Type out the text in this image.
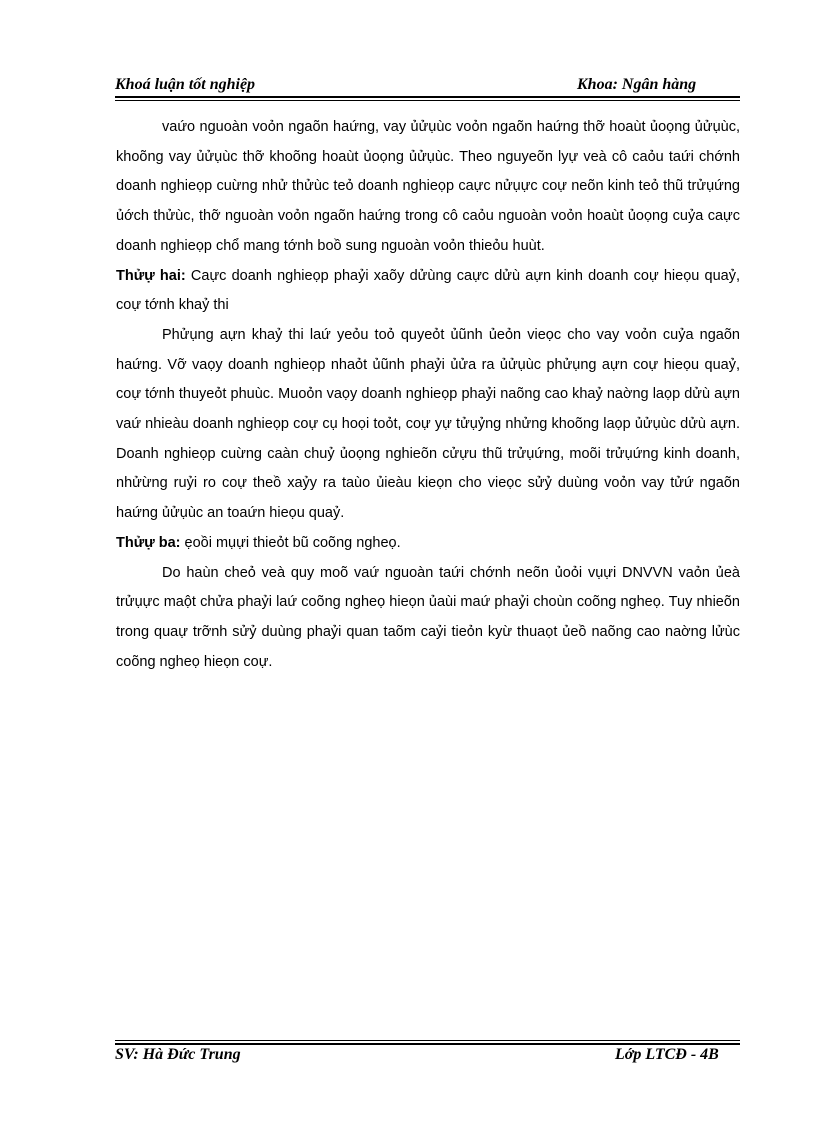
Khoá luận tốt nghiệp	Khoa: Ngân hàng

vaứo nguoàn voỏn ngaõn haứng, vay ủửụùc voỏn ngaõn haứng thỡ hoaùt ủoọng ủửụùc, khoõng vay ủửụùc thỡ khoõng hoaùt ủoọng ủửụùc. Theo nguyeõn lyự veà cô caỏu taứi chớnh doanh nghieọp cuừng nhử thửùc teỏ doanh nghieọp caực nửụực coự neõn kinh teỏ thũ trửụứng ủớch thửùc, thỡ nguoàn voỏn ngaõn haứng trong cô caỏu nguoàn voỏn hoaùt ủoọng cuỷa caực doanh nghieọp chổ mang tớnh boồ sung nguoàn voỏn thieỏu huùt.

Thửự hai: Caực doanh nghieọp phaỷi xaõy dửùng caực dửù aựn kinh doanh coự hieọu quaỷ, coự tớnh khaỷ thi

Phửụng aựn khaỷ thi laứ yeỏu toỏ quyeỏt ủũnh ủeỏn vieọc cho vay voỏn cuỷa ngaõn haứng. Vỡ vaọy doanh nghieọp nhaỏt ủũnh phaỷi ủửa ra ủửụùc phửụng aựn coự hieọu quaỷ, coự tớnh thuyeỏt phuùc. Muoỏn vaọy doanh nghieọp phaỷi naõng cao khaỷ naờng laọp dửù aựn vaứ nhieàu doanh nghieọp coự cụ hoọi toỏt, coự yự tửụỷng nhửng khoõng laọp ủửụùc dửù aựn. Doanh nghieọp cuừng caàn chuỷ ủoọng nghieõn cửựu thũ trửụứng, moõi trửụứng kinh doanh, nhửừng ruỷi ro coự theồ xaỷy ra taùo ủieàu kieọn cho vieọc sửỷ duùng voỏn vay tửứ ngaõn haứng ủửụùc an toaứn hieọu quaỷ.

Thửự ba: ẹoồi mụựi thieỏt bũ coõng ngheọ.

Do haùn cheỏ veà quy moõ vaứ nguoàn taứi chớnh neõn ủoỏi vụựi DNVVN vaỏn ủeà trửụực maột chửa phaỷi laứ coõng ngheọ hieọn ủaùi maứ phaỷi choùn coõng ngheọ. Tuy nhieõn trong quaự trỡnh sửỷ duùng phaỷi quan taõm caỷi tieỏn kyừ thuaọt ủeồ naõng cao naờng lửùc coõng ngheọ hieọn coự.

SV: Hà Đức Trung	Lớp LTCĐ - 4B
